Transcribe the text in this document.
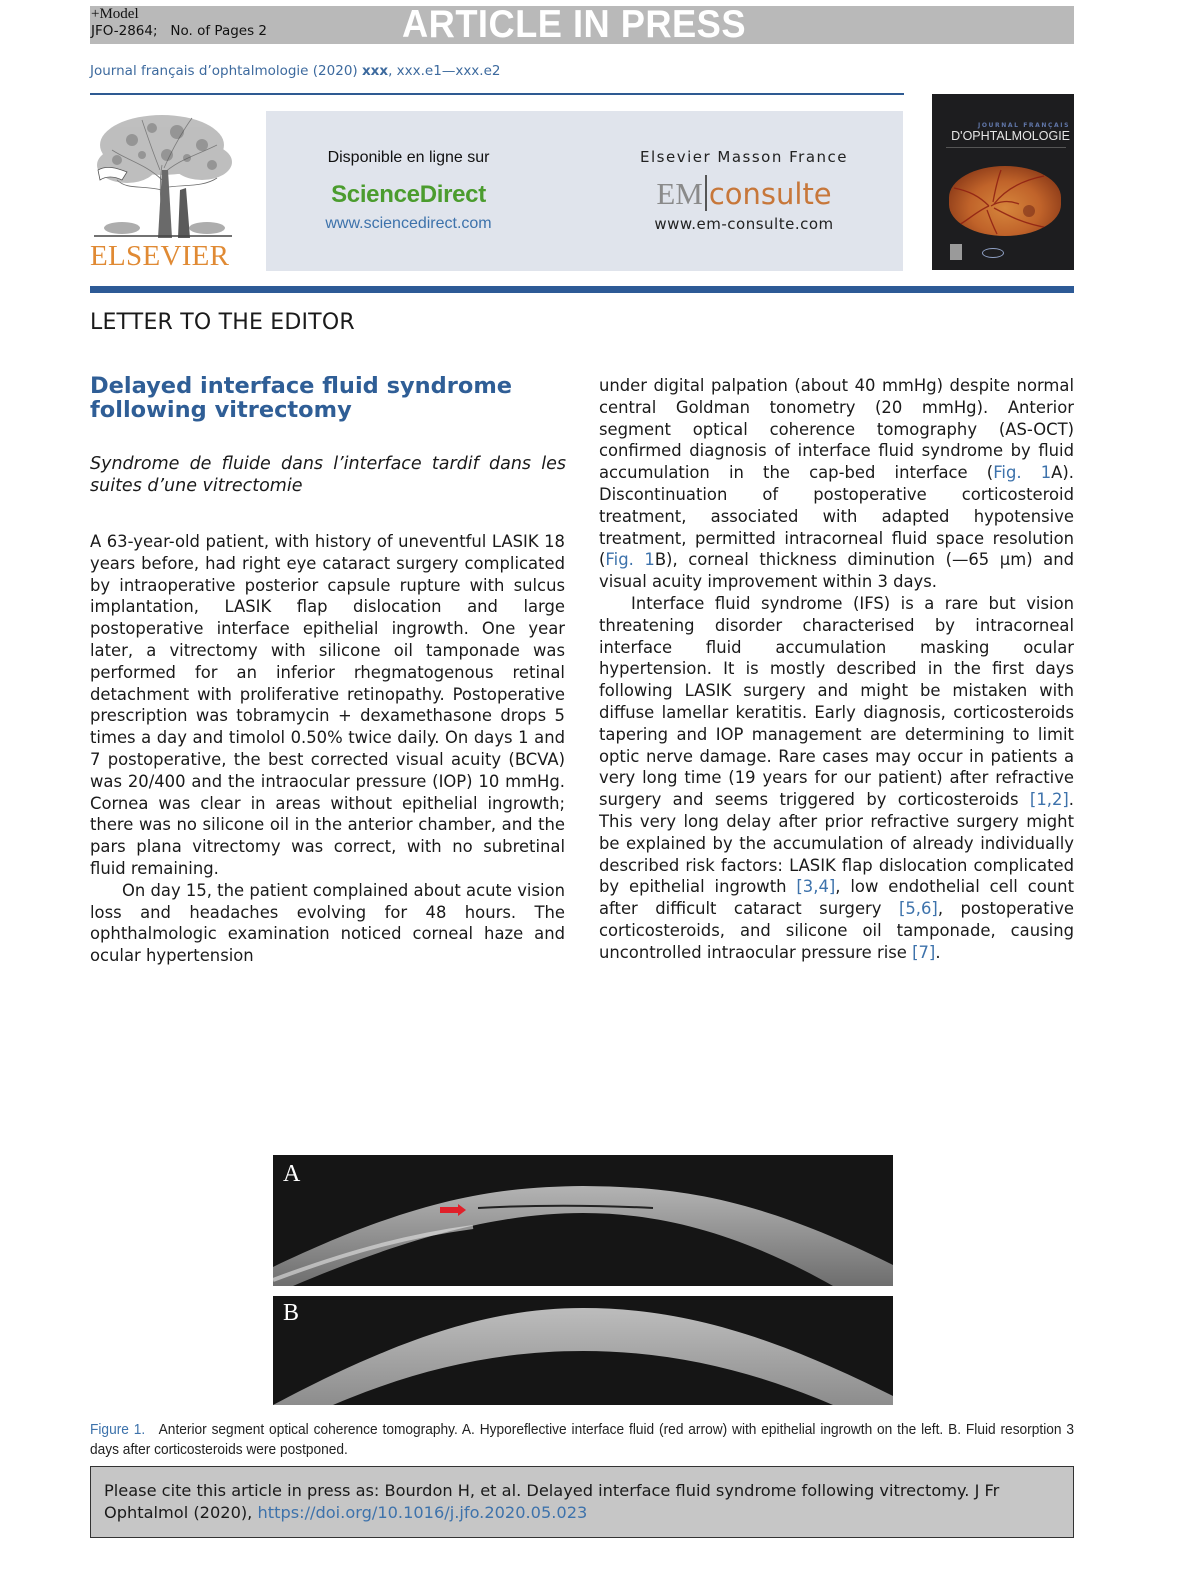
+Model
JFO-2864; No. of Pages 2	ARTICLE IN PRESS
Journal français d’ophtalmologie (2020) xxx, xxx.e1—xxx.e2
ELSEVIER
Disponible en ligne sur
ScienceDirect
www.sciencedirect.com
Elsevier Masson France
EM consulte
www.em-consulte.com
JOURNAL FRANÇAIS
D'OPHTALMOLOGIE
LETTER TO THE EDITOR
Delayed interface fluid syndrome following vitrectomy
Syndrome de fluide dans l’interface tardif dans les suites d’une vitrectomie

A 63-year-old patient, with history of uneventful LASIK 18 years before, had right eye cataract surgery complicated by intraoperative posterior capsule rupture with sulcus implantation, LASIK flap dislocation and large postoperative interface epithelial ingrowth. One year later, a vitrectomy with silicone oil tamponade was performed for an inferior rhegmatogenous retinal detachment with proliferative retinopathy. Postoperative prescription was tobramycin + dexamethasone drops 5 times a day and timolol 0.50% twice daily. On days 1 and 7 postoperative, the best corrected visual acuity (BCVA) was 20/400 and the intraocular pressure (IOP) 10 mmHg. Cornea was clear in areas without epithelial ingrowth; there was no silicone oil in the anterior chamber, and the pars plana vitrectomy was correct, with no subretinal fluid remaining.

On day 15, the patient complained about acute vision loss and headaches evolving for 48 hours. The ophthalmologic examination noticed corneal haze and ocular hypertension

under digital palpation (about 40 mmHg) despite normal central Goldman tonometry (20 mmHg). Anterior segment optical coherence tomography (AS-OCT) confirmed diagnosis of interface fluid syndrome by fluid accumulation in the cap-bed interface (Fig. 1A). Discontinuation of postoperative corticosteroid treatment, associated with adapted hypotensive treatment, permitted intracorneal fluid space resolution (Fig. 1B), corneal thickness diminution (—65 µm) and visual acuity improvement within 3 days.

Interface fluid syndrome (IFS) is a rare but vision threatening disorder characterised by intracorneal interface fluid accumulation masking ocular hypertension. It is mostly described in the first days following LASIK surgery and might be mistaken with diffuse lamellar keratitis. Early diagnosis, corticosteroids tapering and IOP management are determining to limit optic nerve damage. Rare cases may occur in patients a very long time (19 years for our patient) after refractive surgery and seems triggered by corticosteroids [1,2]. This very long delay after prior refractive surgery might be explained by the accumulation of already individually described risk factors: LASIK flap dislocation complicated by epithelial ingrowth [3,4], low endothelial cell count after difficult cataract surgery [5,6], postoperative corticosteroids, and silicone oil tamponade, causing uncontrolled intraocular pressure rise [7].

A
B
Figure 1. Anterior segment optical coherence tomography. A. Hyporeflective interface fluid (red arrow) with epithelial ingrowth on the left. B. Fluid resorption 3 days after corticosteroids were postponed.
Please cite this article in press as: Bourdon H, et al. Delayed interface fluid syndrome following vitrectomy. J Fr Ophtalmol (2020), https://doi.org/10.1016/j.jfo.2020.05.023
